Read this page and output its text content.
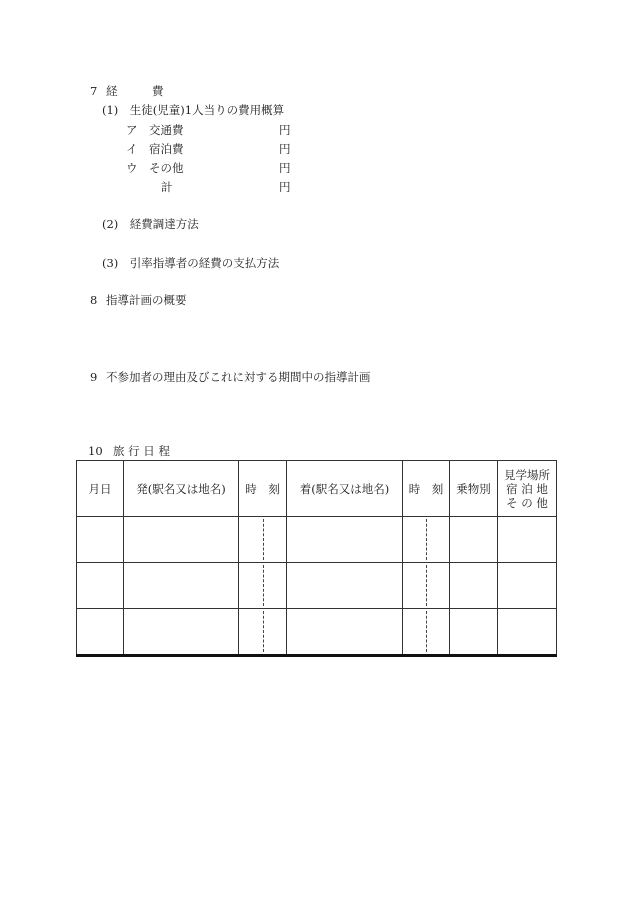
7 経　　　費
(1)　生徒(児童)1人当りの費用概算
ア　交通費	円
イ　宿泊費	円
ウ　その他	円
計	円
(2)　経費調達方法
(3)　引率指導者の経費の支払方法
8 指導計画の概要
9 不参加者の理由及びこれに対する期間中の指導計画
10 旅 行 日 程
月日	発(駅名又は地名)	時　刻	着(駅名又は地名)	時　刻	乗物別	見学場所
宿 泊 地
そ の 他
